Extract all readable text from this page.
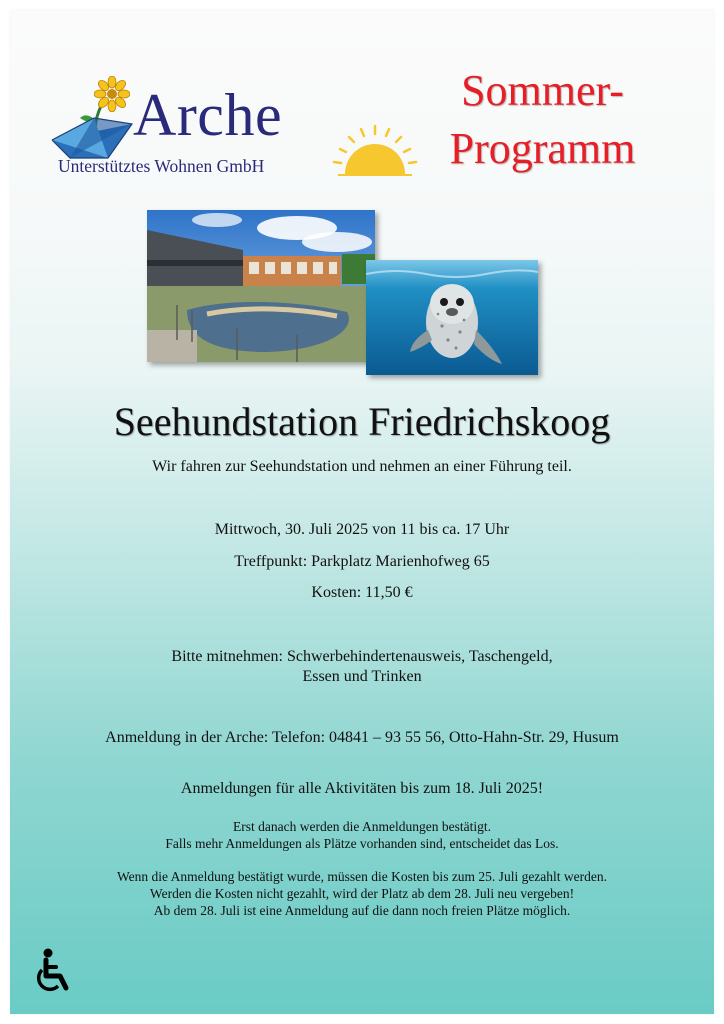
Arche
Unterstütztes Wohnen GmbH
Sommer-
Programm
Seehundstation Friedrichskoog
Wir fahren zur Seehundstation und nehmen an einer Führung teil.
Mittwoch, 30. Juli 2025 von 11 bis ca. 17 Uhr
Treffpunkt: Parkplatz Marienhofweg 65
Kosten: 11,50 €
Bitte mitnehmen: Schwerbehindertenausweis, Taschengeld,
Essen und Trinken
Anmeldung in der Arche: Telefon: 04841 – 93 55 56, Otto-Hahn-Str. 29, Husum
Anmeldungen für alle Aktivitäten bis zum 18. Juli 2025!
Erst danach werden die Anmeldungen bestätigt.
Falls mehr Anmeldungen als Plätze vorhanden sind, entscheidet das Los.
Wenn die Anmeldung bestätigt wurde, müssen die Kosten bis zum 25. Juli gezahlt werden.
Werden die Kosten nicht gezahlt, wird der Platz ab dem 28. Juli neu vergeben!
Ab dem 28. Juli ist eine Anmeldung auf die dann noch freien Plätze möglich.
